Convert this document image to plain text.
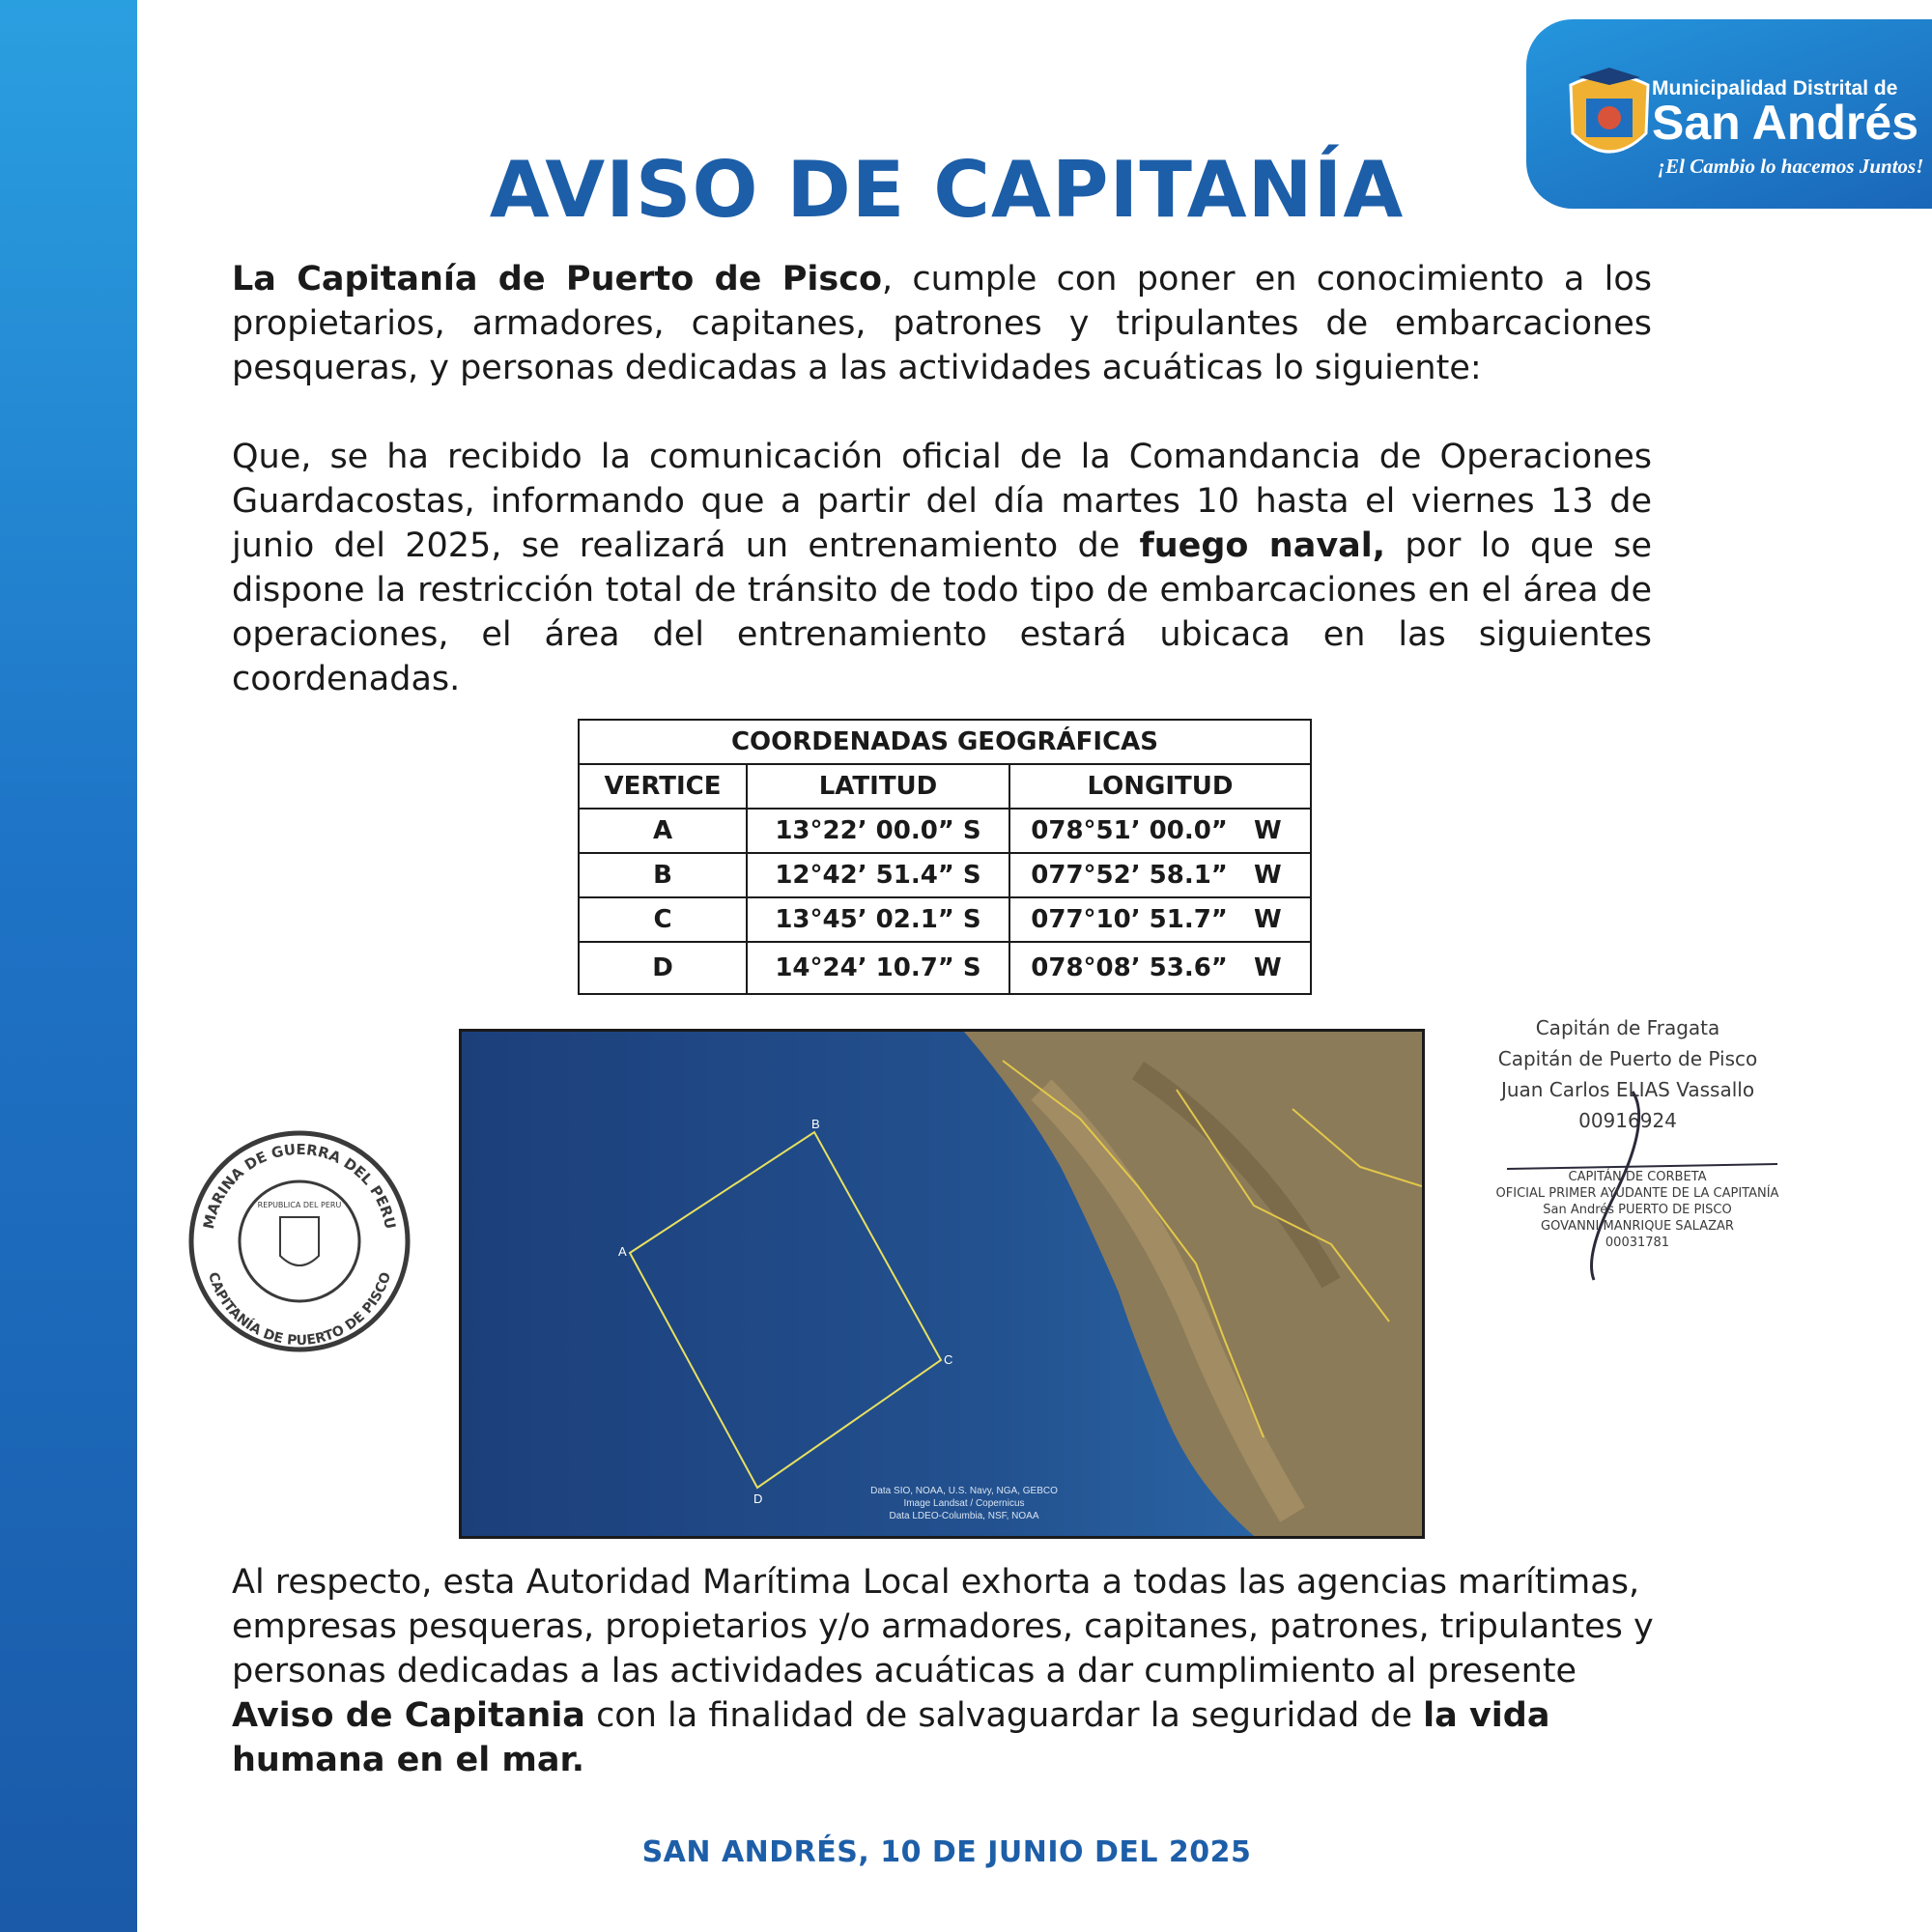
Municipalidad Distrital de
San Andrés
¡El Cambio lo hacemos Juntos!
AVISO DE CAPITANÍA
La Capitanía de Puerto de Pisco, cumple con poner en conocimiento a los propietarios, armadores, capitanes, patrones y tripulantes de embarcaciones pesqueras, y personas dedicadas a las actividades acuáticas lo siguiente:
Que, se ha recibido la comunicación oficial de la Comandancia de Operaciones Guardacostas, informando que a partir del día martes 10 hasta el viernes 13 de junio del 2025, se realizará un entrenamiento de fuego naval, por lo que se dispone la restricción total de tránsito de todo tipo de embarcaciones en el área de operaciones, el área del entrenamiento estará ubicaca en las siguientes coordenadas.
COORDENADAS GEOGRÁFICAS		
VERTICE	LATITUD	LONGITUD
A	13°22’ 00.0” S	078°51’ 00.0” W
B	12°42’ 51.4” S	077°52’ 58.1” W
C	13°45’ 02.1” S	077°10’ 51.7” W
D	14°24’ 10.7” S	078°08’ 53.6” W
A
B
C
D
Data SIO, NOAA, U.S. Navy, NGA, GEBCO
Image Landsat / Copernicus
Data LDEO-Columbia, NSF, NOAA
MARINA DE GUERRA DEL PERU
CAPITANÍA DE PUERTO DE PISCO
REPUBLICA DEL PERU
Capitán de Fragata
Capitán de Puerto de Pisco
Juan Carlos ELIAS Vassallo
00916924
CAPITÁN DE CORBETA
OFICIAL PRIMER AYUDANTE DE LA CAPITANÍA
San Andrés PUERTO DE PISCO
GOVANNI MANRIQUE SALAZAR
00031781
Al respecto, esta Autoridad Marítima Local exhorta a todas las agencias marítimas, empresas pesqueras, propietarios y/o armadores, capitanes, patrones, tripulantes y personas dedicadas a las actividades acuáticas a dar cumplimiento al presente Aviso de Capitania con la finalidad de salvaguardar la seguridad de la vida humana en el mar.
SAN ANDRÉS, 10 DE JUNIO DEL 2025
